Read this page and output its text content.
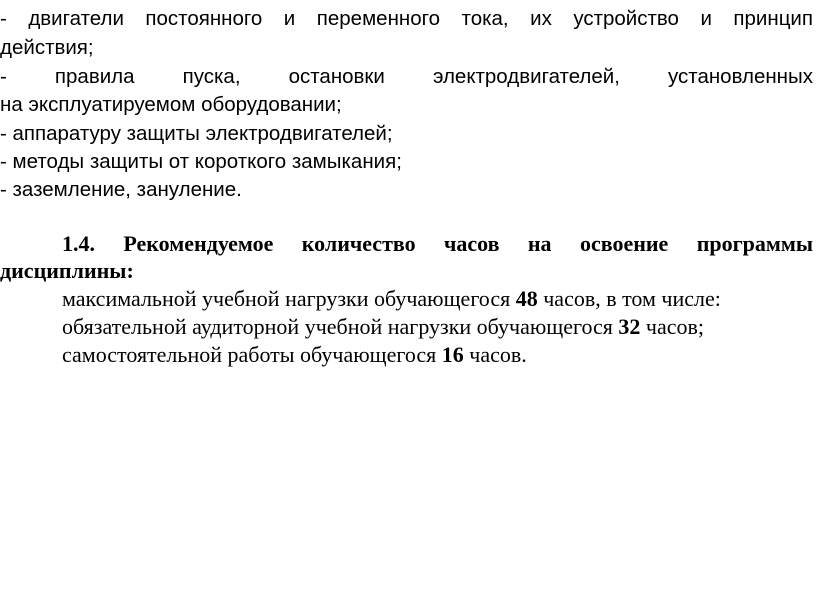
- двигатели постоянного и переменного тока, их устройство и принцип

действия;

- правила пуска, остановки электродвигателей, установленных

на эксплуатируемом оборудовании;

- аппаратуру защиты электродвигателей;

- методы защиты от короткого замыкания;

- заземление, зануление.

1.4. Рекомендуемое количество часов на освоение программы

дисциплины:

максимальной учебной нагрузки обучающегося 48 часов, в том числе:

обязательной аудиторной учебной нагрузки обучающегося 32 часов;

самостоятельной работы обучающегося 16 часов.
